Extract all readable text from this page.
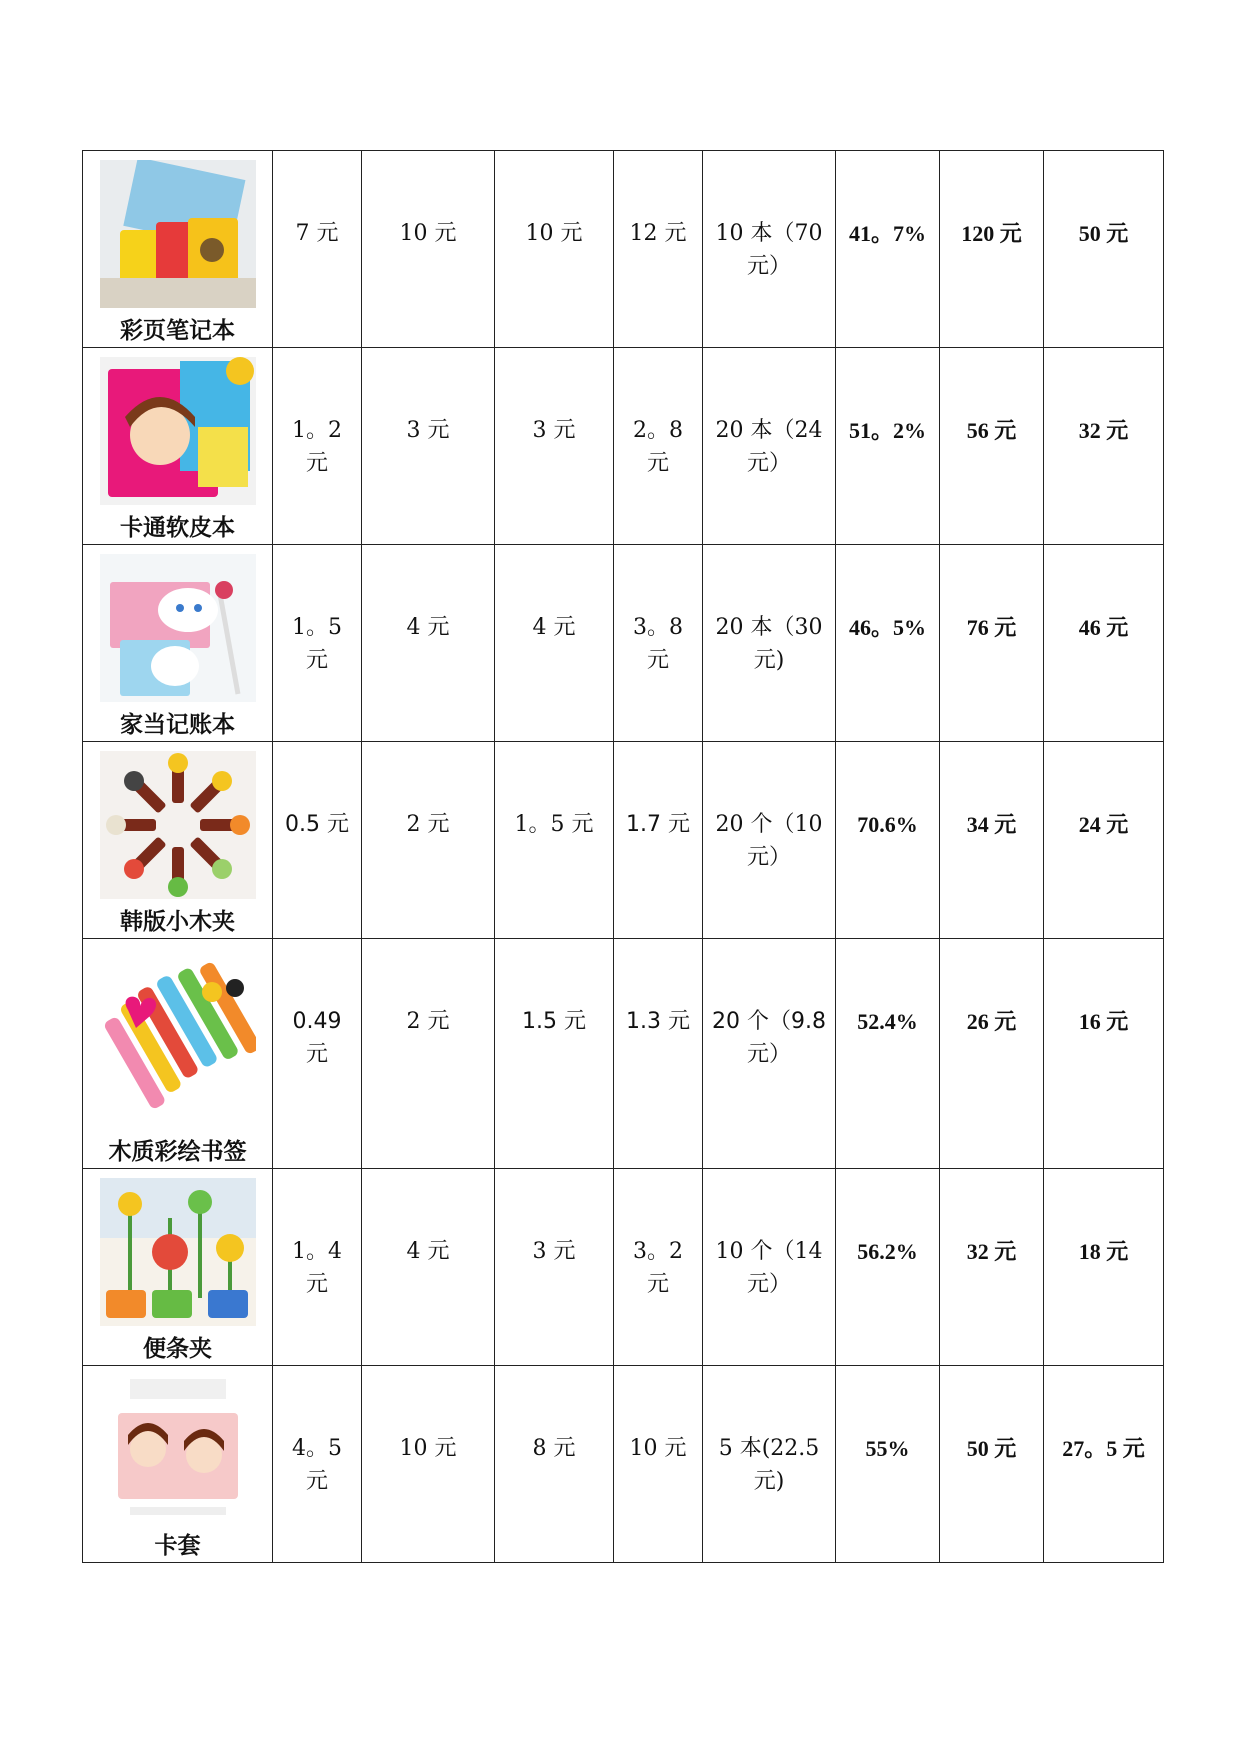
彩页笔记本	7 元	10 元	10 元	12 元	10 本（70 元）	41。7%	120 元	50 元

卡通软皮本	1。2 元	3 元	3 元	2。8 元	20 本（24 元）	51。2%	56 元	32 元

家当记账本	1。5 元	4 元	4 元	3。8 元	20 本（30 元)	46。5%	76 元	46 元

韩版小木夹	0.5 元	2 元	1。5 元	1.7 元	20 个（10 元）	70.6%	34 元	24 元

木质彩绘书签	0.49 元	2 元	1.5 元	1.3 元	20 个（9.8 元）	52.4%	26 元	16 元

便条夹	1。4 元	4 元	3 元	3。2 元	10 个（14 元）	56.2%	32 元	18 元

卡套	4。5 元	10 元	8 元	10 元	5 本(22.5 元)	55%	50 元	27。5 元
